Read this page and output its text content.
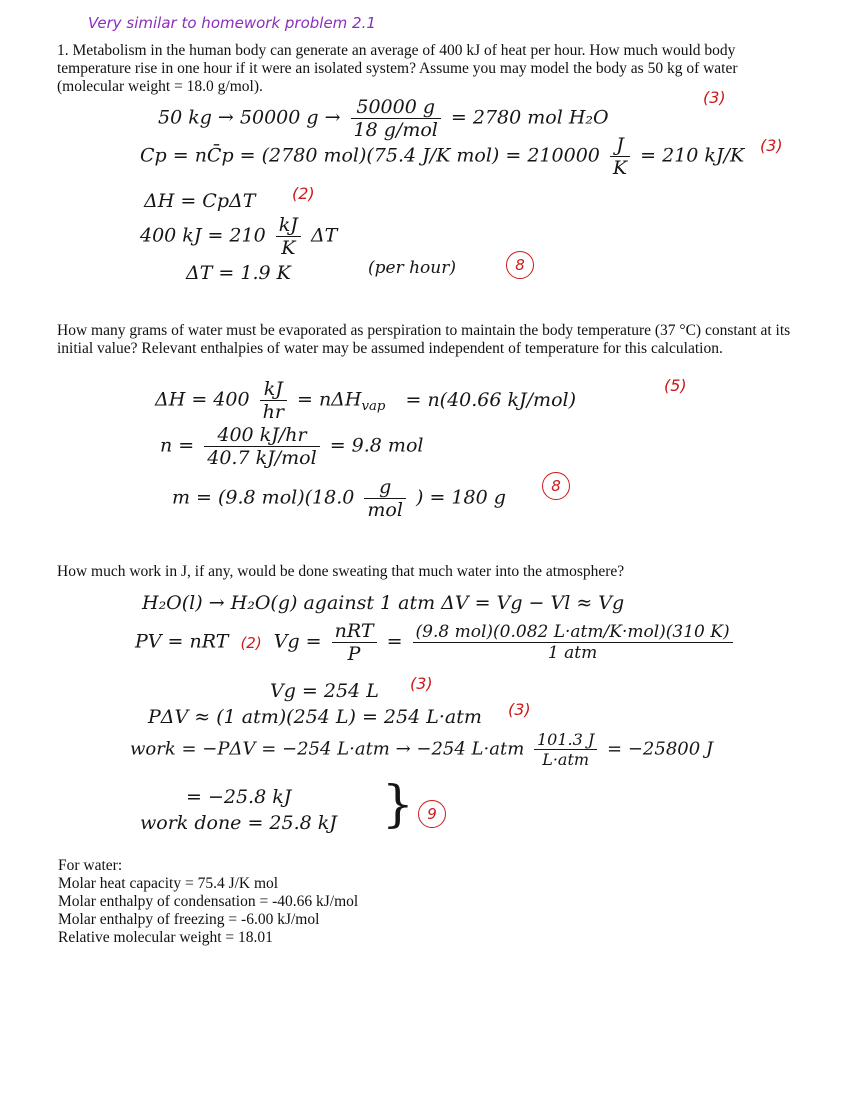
Very similar to homework problem 2.1
1. Metabolism in the human body can generate an average of 400 kJ of heat per hour. How much would body temperature rise in one hour if it were an isolated system? Assume you may model the body as 50 kg of water (molecular weight = 18.0 g/mol).
50 kg → 50000 $g \to \frac{50000 g}{\text{18 g/mol}} = 2780$ mol H₂O
(3)
Cp = nC̄p = (2780 mol)(75.4 J/K $mol) = 210000 \frac{J}{K} = 210$ kJ/K (3)
ΔH = CpΔT (2)
400 kJ = $210 \frac{kJ}{K}$ ΔT
ΔT = 1.9 K	(per hour)	8
How many grams of water must be evaporated as perspiration to maintain the body temperature (37 °C) constant at its initial value? Relevant enthalpies of water may be assumed independent of temperature for this calculation.
$\Delta H = 400 \frac{kJ}{hr} = n\Delta H_{vap} = n(40.66$ kJ/mol)
(5)
$n = \frac{400 kJ/hr}{\text{40.7 kJ/mol}} = 9.8$ mol
m = (9.8 $mol)(18.0 \frac{g}{\text{mol}}$ ) = 180 g
8
How much work in J, if any, would be done sweating that much water into the atmosphere?
H₂O(l) → H₂O(g) against 1 atm ΔV = Vg − Vl ≈ Vg
PV = nRT (2) $Vg = \frac{\text{nRT}}{P} = \frac{\text{(9.8 mol)(0.082 L·atm/K·mol)(310 K)}}{\text{1 atm}}$
Vg = 254 L (3)
PΔV ≈ (1 atm)(254 L) = 254 L·atm (3)
work = −PΔV = −254 L·atm → −254 $L\cdot atm \frac{101.3 J}{\text{L·atm}} = -25800$ J
= −25.8 kJ
work done = 25.8 kJ } 9
For water:
Molar heat capacity = 75.4 J/K mol
Molar enthalpy of condensation = -40.66 kJ/mol
Molar enthalpy of freezing = -6.00 kJ/mol
Relative molecular weight = 18.01
